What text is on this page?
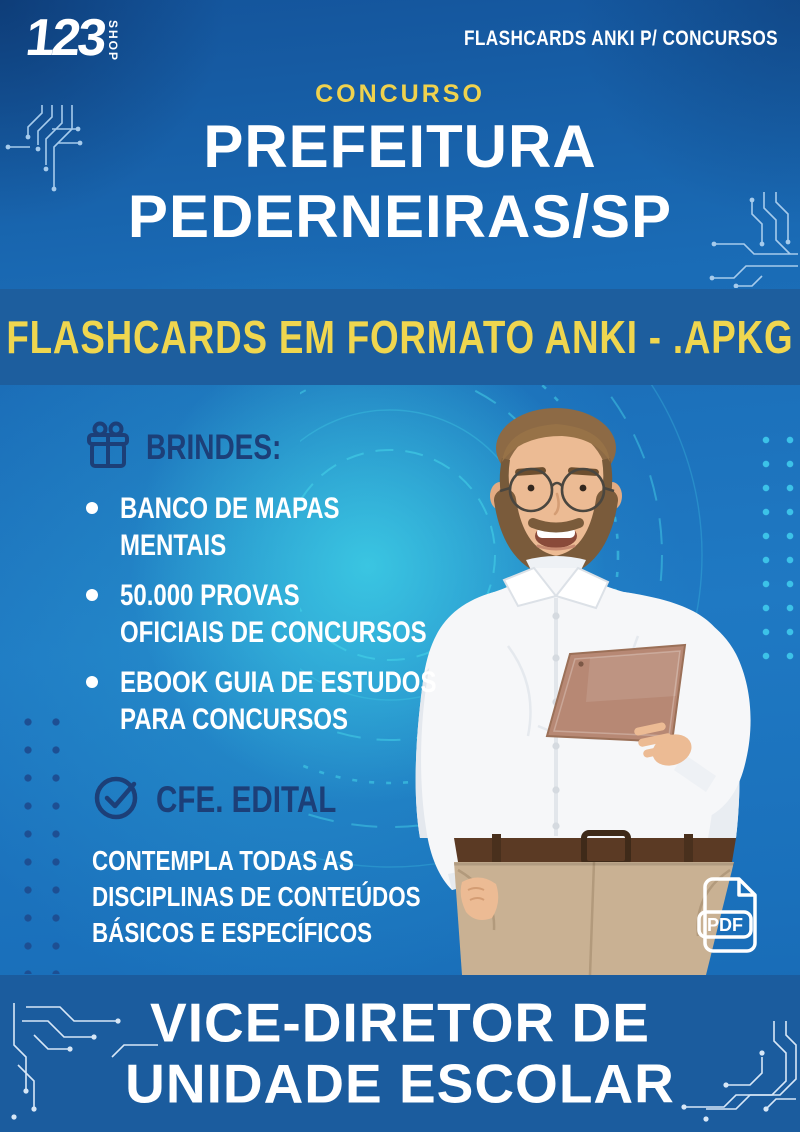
123
SHOP	FLASHCARDS ANKI P/ CONCURSOS
CONCURSO
PREFEITURA
PEDERNEIRAS/SP
FLASHCARDS EM FORMATO ANKI - .APKG
BRINDES:
BANCO DE MAPAS
MENTAIS
50.000 PROVAS
OFICIAIS DE CONCURSOS
EBOOK GUIA DE ESTUDOS
PARA CONCURSOS
CFE. EDITAL
CONTEMPLA TODAS AS
DISCIPLINAS DE CONTEÚDOS
BÁSICOS E ESPECÍFICOS	PDF
VICE-DIRETOR DE
UNIDADE ESCOLAR
